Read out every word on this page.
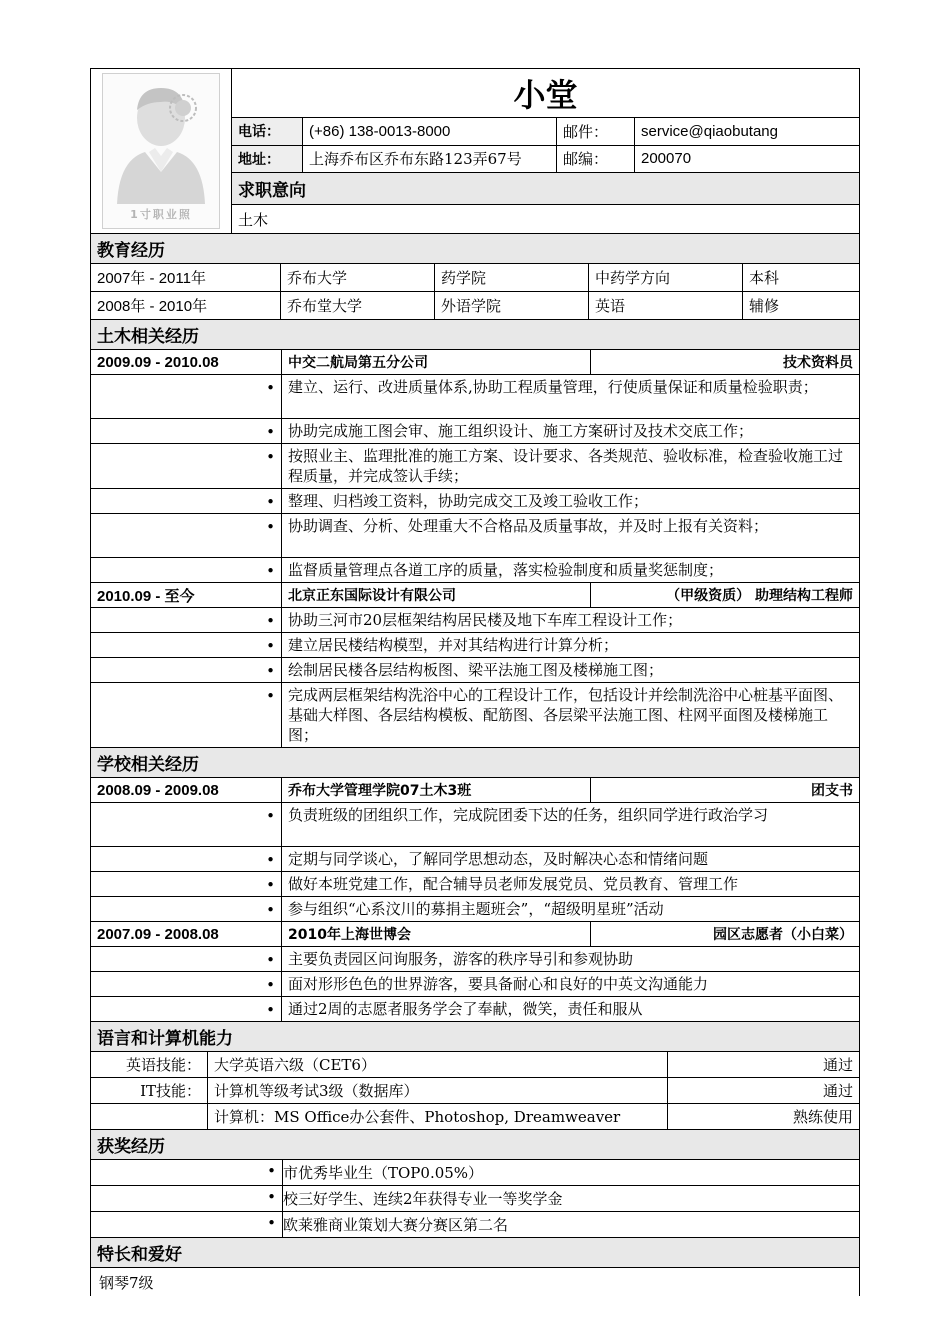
1寸职业照
小堂
电话：	(+86) 138-0013-8000	邮件：	service@qiaobutang
地址：	上海乔布区乔布东路123弄67号	邮编：	200070
求职意向
土木
教育经历
2007年 - 2011年	乔布大学	药学院	中药学方向	本科
2008年 - 2010年	乔布堂大学	外语学院	英语	辅修
土木相关经历
2009.09 - 2010.08	中交二航局第五分公司	技术资料员
• 建立、运行、改进质量体系,协助工程质量管理，行使质量保证和质量检验职责；
• 协助完成施工图会审、施工组织设计、施工方案研讨及技术交底工作；
• 按照业主、监理批准的施工方案、设计要求、各类规范、验收标准，检查验收施工过程质量，并完成签认手续；
• 整理、归档竣工资料，协助完成交工及竣工验收工作；
• 协助调查、分析、处理重大不合格品及质量事故，并及时上报有关资料；
• 监督质量管理点各道工序的质量，落实检验制度和质量奖惩制度；
2010.09 - 至今	北京正东国际设计有限公司	（甲级资质） 助理结构工程师
• 协助三河市20层框架结构居民楼及地下车库工程设计工作；
• 建立居民楼结构模型，并对其结构进行计算分析；
• 绘制居民楼各层结构板图、梁平法施工图及楼梯施工图；
• 完成两层框架结构洗浴中心的工程设计工作，包括设计并绘制洗浴中心桩基平面图、基础大样图、各层结构模板、配筋图、各层梁平法施工图、柱网平面图及楼梯施工图；
学校相关经历
2008.09 - 2009.08	乔布大学管理学院07土木3班	团支书
• 负责班级的团组织工作，完成院团委下达的任务，组织同学进行政治学习
• 定期与同学谈心，了解同学思想动态，及时解决心态和情绪问题
• 做好本班党建工作，配合辅导员老师发展党员、党员教育、管理工作
• 参与组织“心系汶川的募捐主题班会”，“超级明星班”活动
2007.09 - 2008.08	2010年上海世博会	园区志愿者（小白菜）
• 主要负责园区问询服务，游客的秩序导引和参观协助
• 面对形形色色的世界游客，要具备耐心和良好的中英文沟通能力
• 通过2周的志愿者服务学会了奉献，微笑，责任和服从
语言和计算机能力
英语技能： 大学英语六级（CET6）	通过
IT技能： 计算机等级考试3级（数据库）	通过
计算机：MS Office办公套件、Photoshop, Dreamweaver	熟练使用
获奖经历
• 市优秀毕业生（TOP0.05%）
• 校三好学生、连续2年获得专业一等奖学金
• 欧莱雅商业策划大赛分赛区第二名
特长和爱好
钢琴7级
